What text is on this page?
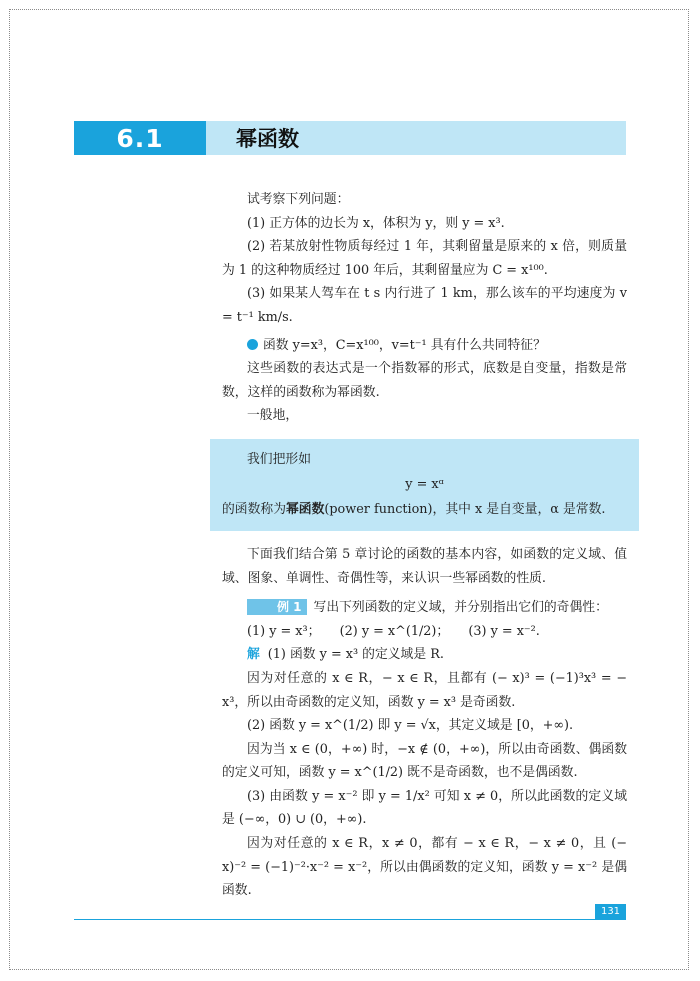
6.1	幂函数

试考察下列问题：

(1) 正方体的边长为 x，体积为 y，则 y = x³.

(2) 若某放射性物质每经过 1 年，其剩留量是原来的 x 倍，则质量为 1 的这种物质经过 100 年后，其剩留量应为 C = x¹⁰⁰.

(3) 如果某人驾车在 t s 内行进了 1 km，那么该车的平均速度为 v = t⁻¹ km/s.

函数 y=x³，C=x¹⁰⁰，v=t⁻¹ 具有什么共同特征？

这些函数的表达式是一个指数幂的形式，底数是自变量，指数是常数，这样的函数称为幂函数.

一般地，

我们把形如

y = xᵅ

的函数称为幂函数(power function)，其中 x 是自变量，α 是常数.

下面我们结合第 5 章讨论的函数的基本内容，如函数的定义域、值域、图象、单调性、奇偶性等，来认识一些幂函数的性质.

例 1 写出下列函数的定义域，并分别指出它们的奇偶性：

(1) y = x³；　　(2) y = x^(1/2)；　　(3) y = x⁻².

解 (1) 函数 y = x³ 的定义域是 R.

因为对任意的 x ∈ R，− x ∈ R，且都有 (− x)³ = (−1)³x³ = − x³，所以由奇函数的定义知，函数 y = x³ 是奇函数.

(2) 函数 y = x^(1/2) 即 y = √x，其定义域是 [0，+∞).

因为当 x ∈ (0，+∞) 时，−x ∉ (0，+∞)，所以由奇函数、偶函数的定义可知，函数 y = x^(1/2) 既不是奇函数，也不是偶函数.

(3) 由函数 y = x⁻² 即 y = 1/x² 可知 x ≠ 0，所以此函数的定义域是 (−∞，0) ∪ (0，+∞).

因为对任意的 x ∈ R，x ≠ 0，都有 − x ∈ R，− x ≠ 0，且 (− x)⁻² = (−1)⁻²·x⁻² = x⁻²，所以由偶函数的定义知，函数 y = x⁻² 是偶函数.

131
